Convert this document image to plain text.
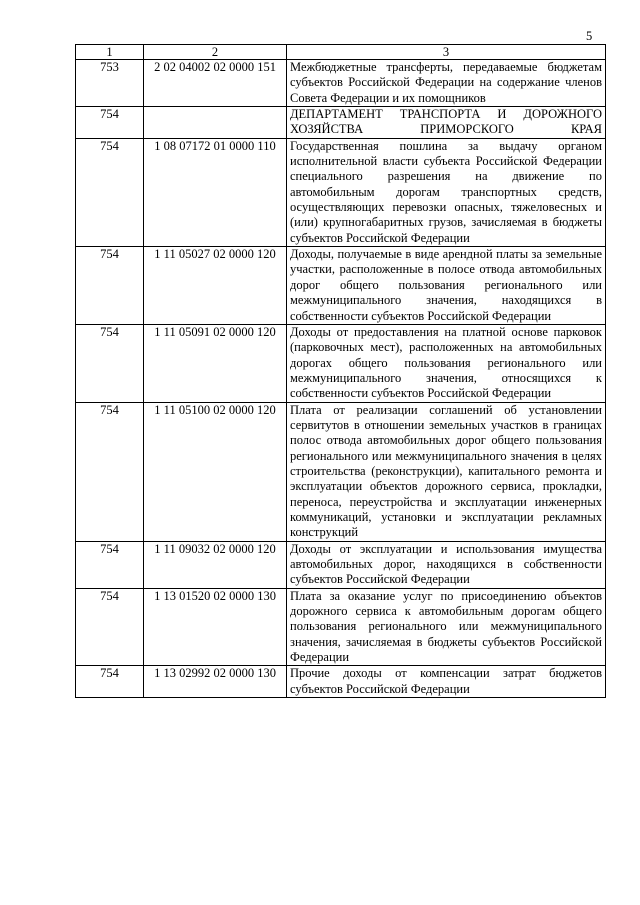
5
1	2	3
753	2 02 04002 02 0000 151	Межбюджетные трансферты, передаваемые бюджетам субъектов Российской Федерации на содержание членов Совета Федерации и их помощников
754		ДЕПАРТАМЕНТ ТРАНСПОРТА И ДОРОЖНОГО ХОЗЯЙСТВА ПРИМОРСКОГО КРАЯ
754	1 08 07172 01 0000 110	Государственная пошлина за выдачу органом исполнительной власти субъекта Российской Федерации специального разрешения на движение по автомобильным дорогам транспортных средств, осуществляющих перевозки опасных, тяжеловесных и (или) крупногабаритных грузов, зачисляемая в бюджеты субъектов Российской Федерации
754	1 11 05027 02 0000 120	Доходы, получаемые в виде арендной платы за земельные участки, расположенные в полосе отвода автомобильных дорог общего пользования регионального или межмуниципального значения, находящихся в собственности субъектов Российской Федерации
754	1 11 05091 02 0000 120	Доходы от предоставления на платной основе парковок (парковочных мест), расположенных на автомобильных дорогах общего пользования регионального или межмуниципального значения, относящихся к собственности субъектов Российской Федерации
754	1 11 05100 02 0000 120	Плата от реализации соглашений об установлении сервитутов в отношении земельных участков в границах полос отвода автомобильных дорог общего пользования регионального или межмуниципального значения в целях строительства (реконструкции), капитального ремонта и эксплуатации объектов дорожного сервиса, прокладки, переноса, переустройства и эксплуатации инженерных коммуникаций, установки и эксплуатации рекламных конструкций
754	1 11 09032 02 0000 120	Доходы от эксплуатации и использования имущества автомобильных дорог, находящихся в собственности субъектов Российской Федерации
754	1 13 01520 02 0000 130	Плата за оказание услуг по присоединению объектов дорожного сервиса к автомобильным дорогам общего пользования регионального или межмуниципального значения, зачисляемая в бюджеты субъектов Российской Федерации
754	1 13 02992 02 0000 130	Прочие доходы от компенсации затрат бюджетов субъектов Российской Федерации
